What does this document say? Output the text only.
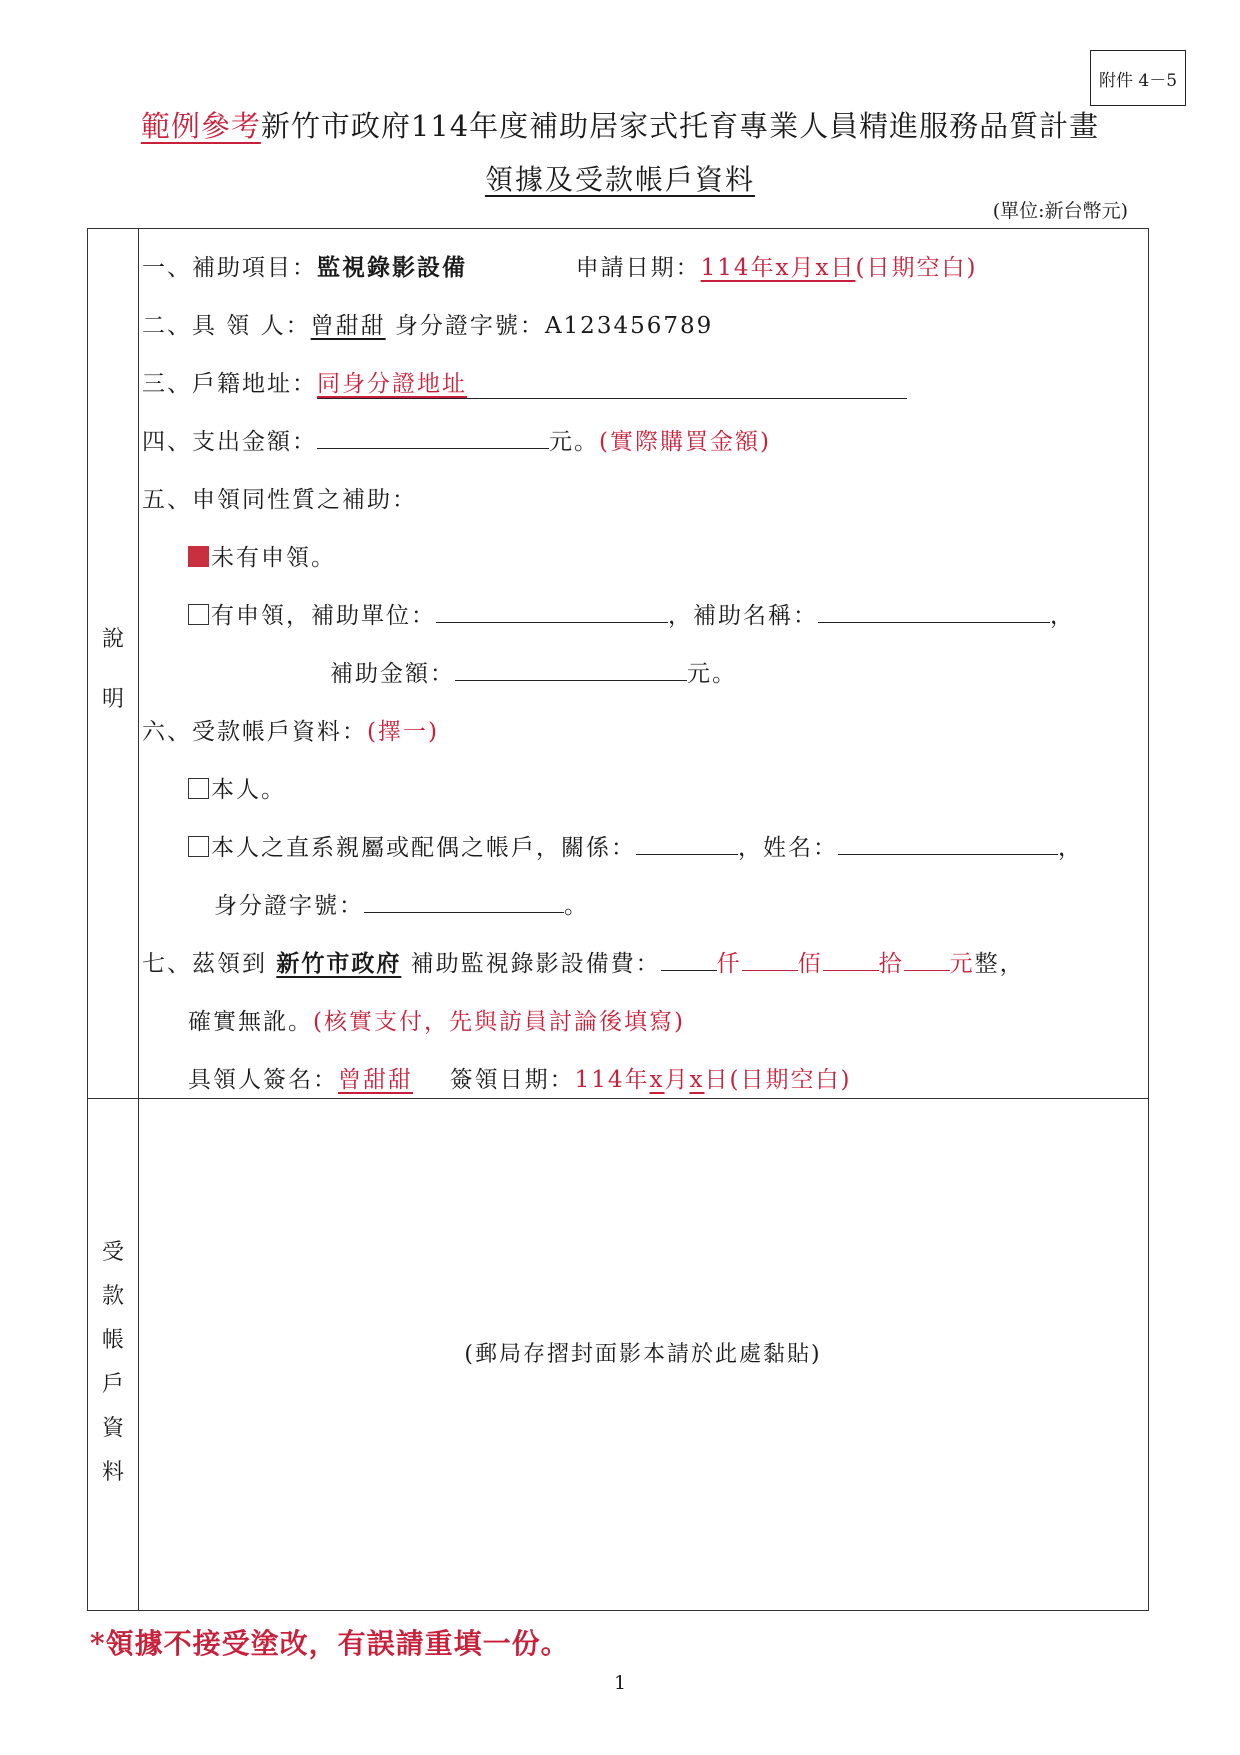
附件 4－5
範例參考新竹市政府114年度補助居家式托育專業人員精進服務品質計畫
領據及受款帳戶資料
(單位:新台幣元)
說
明
一、補助項目：監視錄影設備	申請日期：114年x月x日(日期空白)
二、具 領 人：曾甜甜 身分證字號：A123456789
三、戶籍地址：同身分證地址
四、支出金額：	元。(實際購買金額)
五、申領同性質之補助：
未有申領。
有申領，補助單位：	，補助名稱：	，
補助金額：	元。
六、受款帳戶資料：(擇一)
本人。
本人之直系親屬或配偶之帳戶，關係：	，姓名：	，
身分證字號：	。
七、茲領到 新竹市政府 補助監視錄影設備費： 仟 佰 拾 元整，
確實無訛。(核實支付，先與訪員討論後填寫)
具領人簽名：曾甜甜 簽領日期：114年x月x日(日期空白)
受
款
帳
戶
資
料
(郵局存摺封面影本請於此處黏貼)
*領據不接受塗改，有誤請重填一份。
1
